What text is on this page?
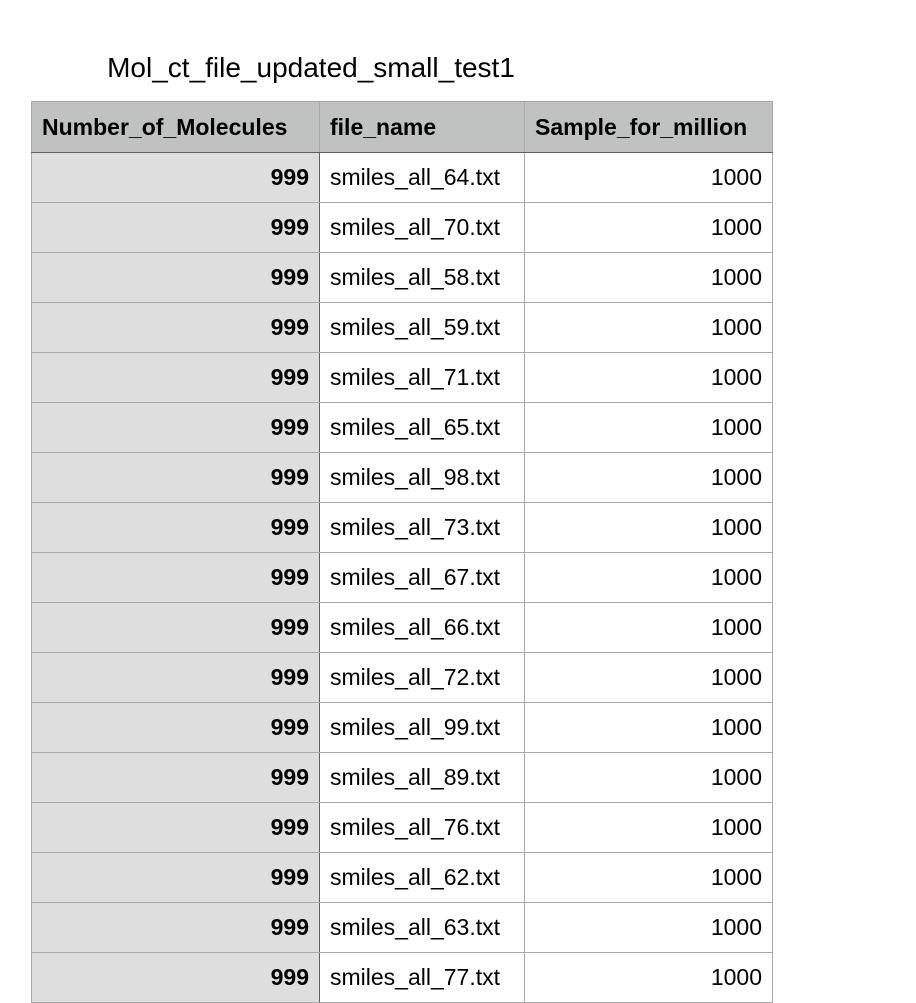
Mol_ct_file_updated_small_test1
Number_of_Molecules	file_name	Sample_for_million
999	smiles_all_64.txt	1000
999	smiles_all_70.txt	1000
999	smiles_all_58.txt	1000
999	smiles_all_59.txt	1000
999	smiles_all_71.txt	1000
999	smiles_all_65.txt	1000
999	smiles_all_98.txt	1000
999	smiles_all_73.txt	1000
999	smiles_all_67.txt	1000
999	smiles_all_66.txt	1000
999	smiles_all_72.txt	1000
999	smiles_all_99.txt	1000
999	smiles_all_89.txt	1000
999	smiles_all_76.txt	1000
999	smiles_all_62.txt	1000
999	smiles_all_63.txt	1000
999	smiles_all_77.txt	1000
